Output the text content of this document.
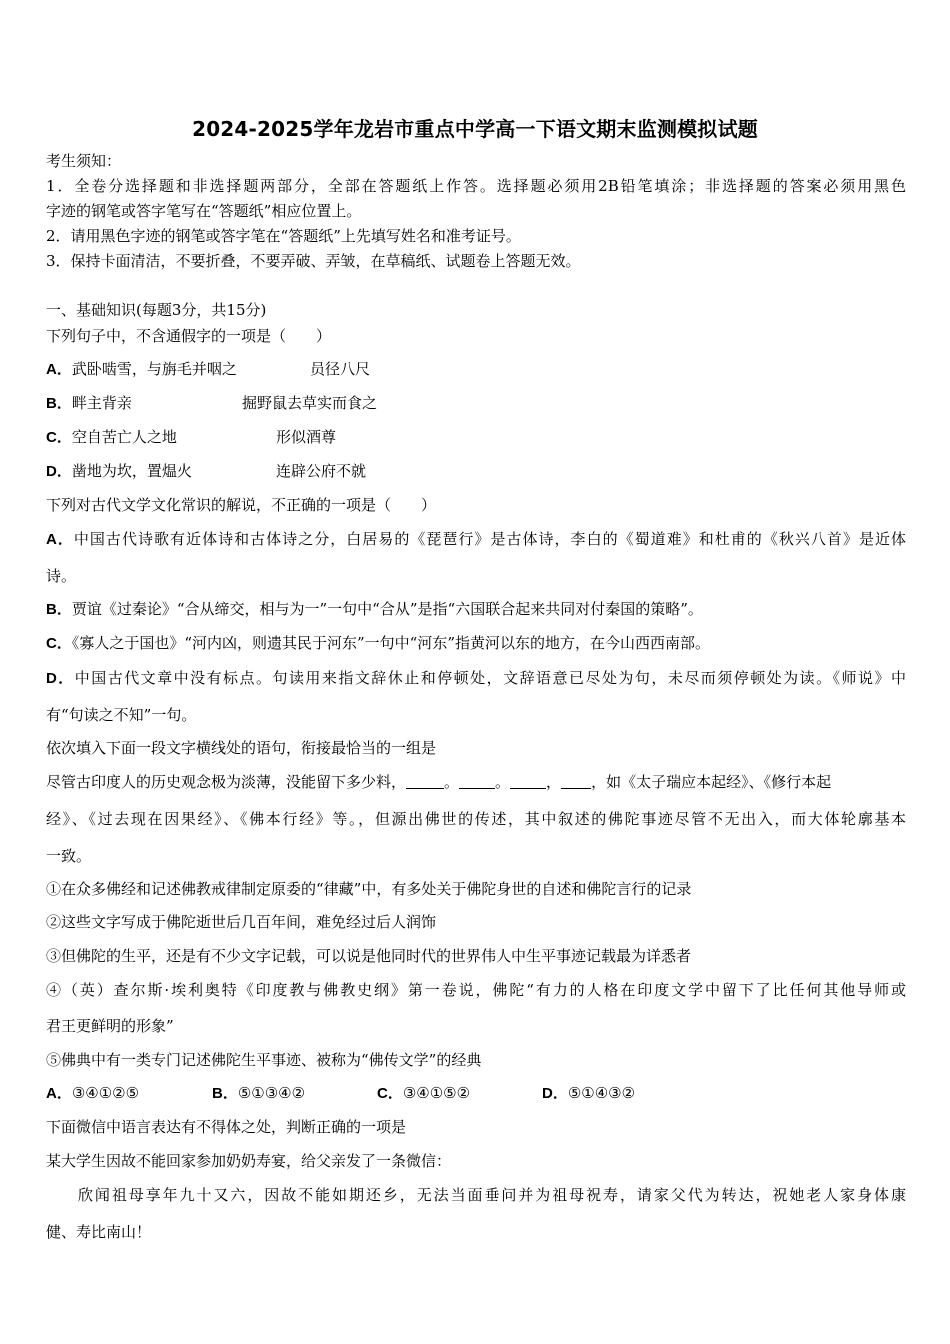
2024-2025学年龙岩市重点中学高一下语文期末监测模拟试题
考生须知：
1．全卷分选择题和非选择题两部分，全部在答题纸上作答。选择题必须用2B铅笔填涂；非选择题的答案必须用黑色
字迹的钢笔或答字笔写在“答题纸”相应位置上。
2．请用黑色字迹的钢笔或答字笔在“答题纸”上先填写姓名和准考证号。
3．保持卡面清洁，不要折叠，不要弄破、弄皱，在草稿纸、试题卷上答题无效。
一、基础知识(每题3分，共15分)
下列句子中，不含通假字的一项是（　　）
A．武卧啮雪，与旃毛并咽之	员径八尺
B．畔主背亲	掘野鼠去草实而食之
C．空自苦亡人之地	形似酒尊
D．凿地为坎，置煴火	连辟公府不就
下列对古代文学文化常识的解说，不正确的一项是（　　）
A．中国古代诗歌有近体诗和古体诗之分，白居易的《琵琶行》是古体诗，李白的《蜀道难》和杜甫的《秋兴八首》是近体
诗。
B．贾谊《过秦论》“合从缔交，相与为一”一句中“合从”是指“六国联合起来共同对付秦国的策略”。
C．《寡人之于国也》“河内凶，则遗其民于河东”一句中“河东”指黄河以东的地方，在今山西西南部。
D．中国古代文章中没有标点。句读用来指文辞休止和停顿处，文辞语意已尽处为句，未尽而须停顿处为读。《师说》中
有“句读之不知”一句。
依次填入下面一段文字横线处的语句，衔接最恰当的一组是
尽管古印度人的历史观念极为淡薄，没能留下多少料，	。 。 ， ，如《太子瑞应本起经》、《修行本起
经》、《过去现在因果经》、《佛本行经》等。，但源出佛世的传述，其中叙述的佛陀事迹尽管不无出入，而大体轮廓基本
一致。
①在众多佛经和记述佛教戒律制定原委的“律藏”中，有多处关于佛陀身世的自述和佛陀言行的记录
②这些文字写成于佛陀逝世后几百年间，难免经过后人润饰
③但佛陀的生平，还是有不少文字记载，可以说是他同时代的世界伟人中生平事迹记载最为详悉者
④（英）查尔斯·埃利奥特《印度教与佛教史纲》第一卷说，佛陀“有力的人格在印度文学中留下了比任何其他导师或
君王更鲜明的形象”
⑤佛典中有一类专门记述佛陀生平事迹、被称为“佛传文学”的经典
A．③④①②⑤	B．⑤①③④②	C．③④①⑤②	D．⑤①④③②
下面微信中语言表达有不得体之处，判断正确的一项是
某大学生因故不能回家参加奶奶寿宴，给父亲发了一条微信：
欣闻祖母享年九十又六，因故不能如期还乡，无法当面垂问并为祖母祝寿，请家父代为转达，祝她老人家身体康
健、寿比南山！
